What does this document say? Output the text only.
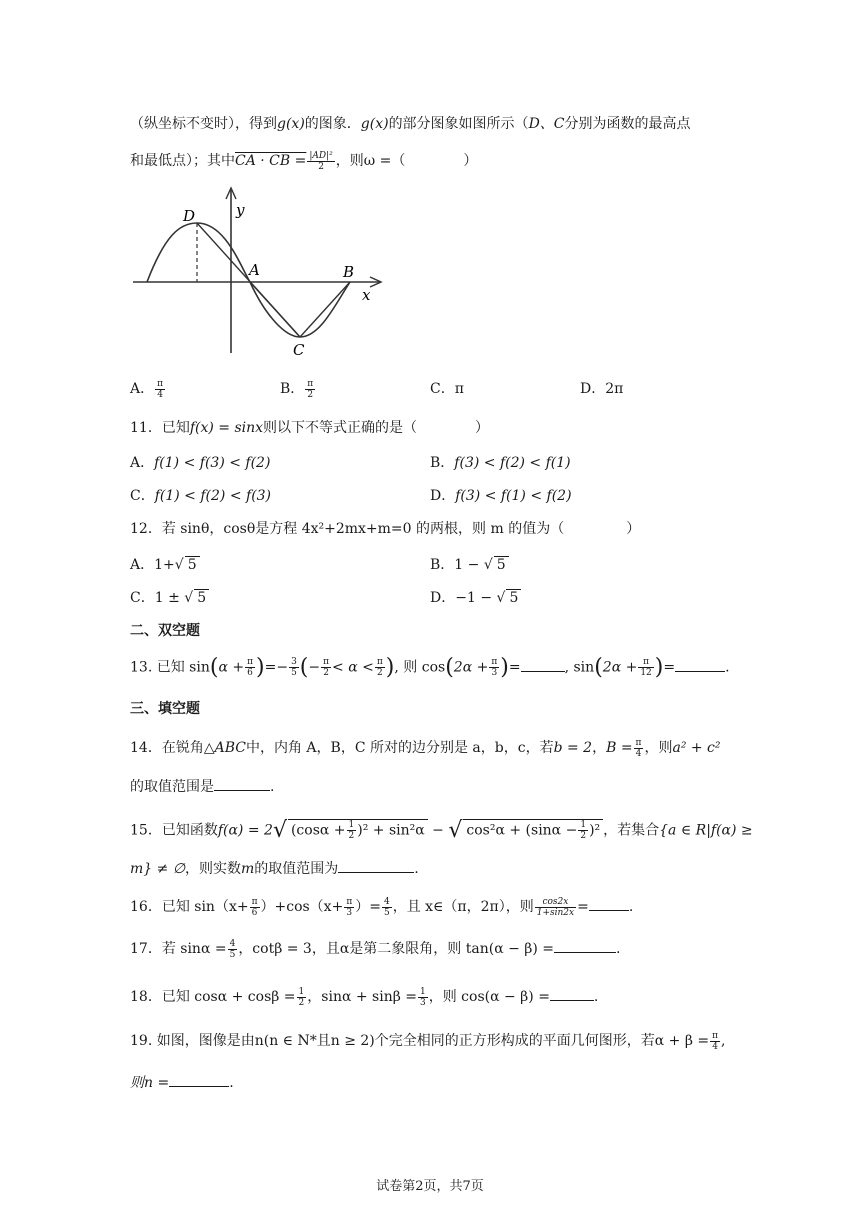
（纵坐标不变时），得到g(x)的图象．g(x)的部分图象如图所示（D、C分别为函数的最高点
和最低点）；其中CA · CB = $\frac{\text{|AD|²}}{2}$ ，则ω =（	）
D	y
A	B
x
C
A． $\frac{\pi}{4}$	B． $\frac{\pi}{2}$	C．π	D．2π
11．已知f(x) = sinx则以下不等式正确的是（	）
A．f(1) < f(3) < f(2)	B．f(3) < f(2) < f(1)
C．f(1) < f(2) < f(3)	D．f(3) < f(1) < f(2)
12．若 sinθ，cosθ是方程 4x²+2mx+m=0 的两根，则 m 的值为（	）
A．1+√ 5	B．1 − √ 5
C．1 ± √ 5	D．−1 − √ 5
二、双空题
13. 已知 $\sin(\alpha + \frac{\pi}{6}$ )=− $\frac{3}{5}$ (− $\frac{\pi}{2} < \alpha < \frac{\pi}{2}$ ), 则 $\cos(2\alpha + \frac{\pi}{3}$ )=	, $\sin(2\alpha + \frac{\pi}{12}$ )=	.
三、填空题
14．在锐角△ABC中，内角 A，B，C 所对的边分别是 a，b，c，若b = 2，$B = \frac{\pi}{4}$ ，则a² + c²
的取值范围是	.
15．已知函数f(α) = 2√ $(\cos\alpha + \frac{1}{2} )^2 + \sin^2\alpha$ − √ $\cos^2\alpha + (\sin\alpha - \frac{1}{2} )^2$ ，若集合{a ∈ R|f(α) ≥
m} ≠ ∅，则实数m的取值范围为	.
16．已知 $\sin(x+ \frac{\pi}{6} )+\cos(x+ \frac{\pi}{3}$ ）= $\frac{4}{5}$ ，且 x∈（π，2π），则 $\frac{\cos 2x}{1+\sin 2x}$ =	.
17．若 $\sin\alpha = \frac{4}{5}$ ，cotβ = 3，且α是第二象限角，则 tan(α − β) =	.
18．已知 $\cos\alpha + \cos\beta = \frac{1}{2}$ ，$\sin\alpha + \sin\beta = \frac{1}{3}$ ，则 cos(α − β) =	.
19. 如图，图像是由n(n ∈ N*且n ≥ 2)个完全相同的正方形构成的平面几何图形，若$\alpha + \beta = \frac{\pi}{4}$ ,
则n =	.
试卷第2页，共7页
